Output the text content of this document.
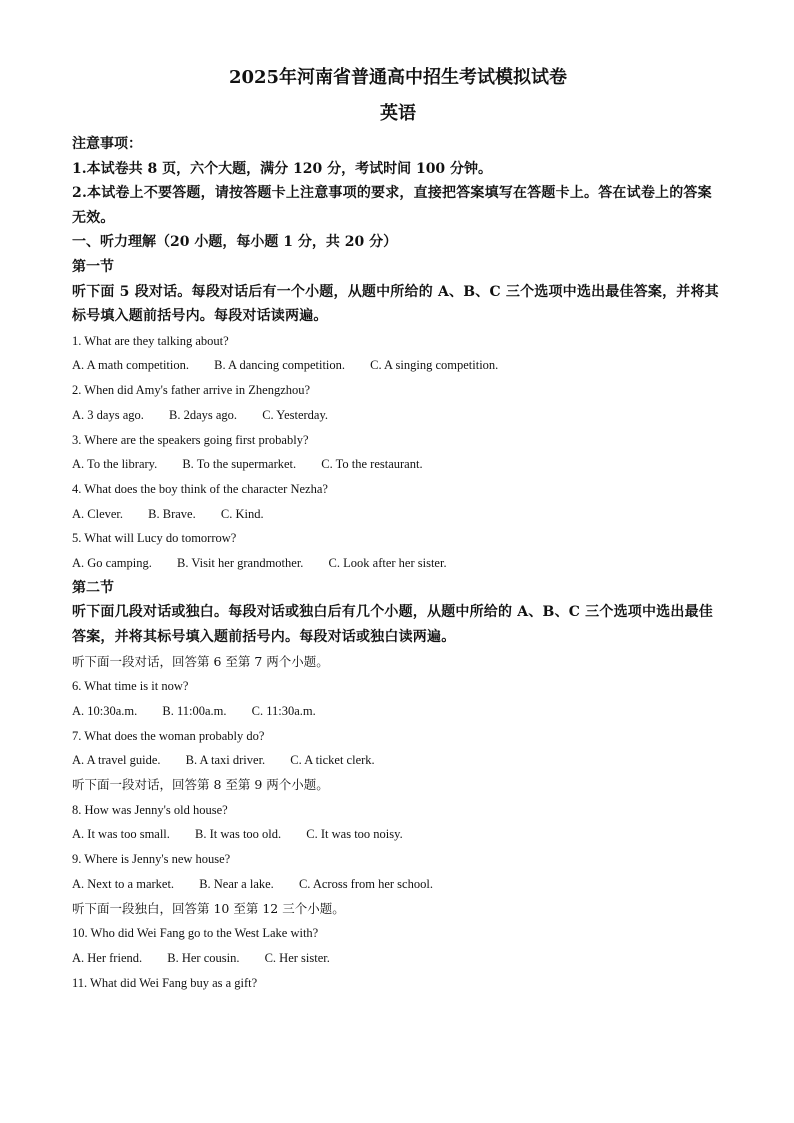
2025年河南省普通高中招生考试模拟试卷
英语
注意事项：
1.本试卷共 8 页，六个大题，满分 120 分，考试时间 100 分钟。
2.本试卷上不要答题，请按答题卡上注意事项的要求，直接把答案填写在答题卡上。答在试卷上的答案无效。
一、听力理解（20 小题，每小题 1 分，共 20 分）
第一节
听下面 5 段对话。每段对话后有一个小题，从题中所给的 A、B、C 三个选项中选出最佳答案，并将其标号填入题前括号内。每段对话读两遍。
1. What are they talking about?
A. A math competition. B. A dancing competition. C. A singing competition.
2. When did Amy's father arrive in Zhengzhou?
A. 3 days ago. B. 2days ago. C. Yesterday.
3. Where are the speakers going first probably?
A. To the library. B. To the supermarket. C. To the restaurant.
4. What does the boy think of the character Nezha?
A. Clever. B. Brave. C. Kind.
5. What will Lucy do tomorrow?
A. Go camping. B. Visit her grandmother. C. Look after her sister.
第二节
听下面几段对话或独白。每段对话或独白后有几个小题，从题中所给的 A、B、C 三个选项中选出最佳答案，并将其标号填入题前括号内。每段对话或独白读两遍。
听下面一段对话，回答第 6 至第 7 两个小题。
6. What time is it now?
A. 10:30a.m. B. 11:00a.m. C. 11:30a.m.
7. What does the woman probably do?
A. A travel guide. B. A taxi driver. C. A ticket clerk.
听下面一段对话，回答第 8 至第 9 两个小题。
8. How was Jenny's old house?
A. It was too small. B. It was too old. C. It was too noisy.
9. Where is Jenny's new house?
A. Next to a market. B. Near a lake. C. Across from her school.
听下面一段独白，回答第 10 至第 12 三个小题。
10. Who did Wei Fang go to the West Lake with?
A. Her friend. B. Her cousin. C. Her sister.
11. What did Wei Fang buy as a gift?
